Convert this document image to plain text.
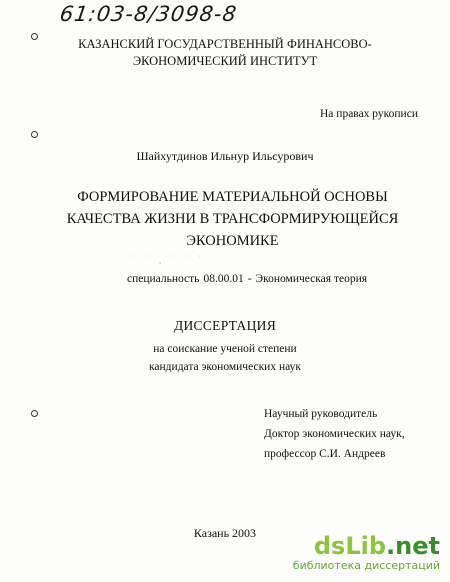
61:03-8/3098-8
КАЗАНСКИЙ ГОСУДАРСТВЕННЫЙ ФИНАНСОВО-ЭКОНОМИЧЕСКИЙ ИНСТИТУТ
На правах рукописи
Шайхутдинов Ильнур Ильсурович
ФОРМИРОВАНИЕ МАТЕРИАЛЬНОЙ ОСНОВЫ КАЧЕСТВА ЖИЗНИ В ТРАНСФОРМИРУЮЩЕЙСЯ ЭКОНОМИКЕ
˙ ˙ ¸ ˙ ˙ ˙
специальность 08.00.01 - Экономическая теория
ДИССЕРТАЦИЯ
на соискание ученой степени
кандидата экономических наук
Научный руководитель
Доктор экономических наук,
профессор С.И. Андреев
Казань 2003	dsLib.net
библиотека диссертаций
